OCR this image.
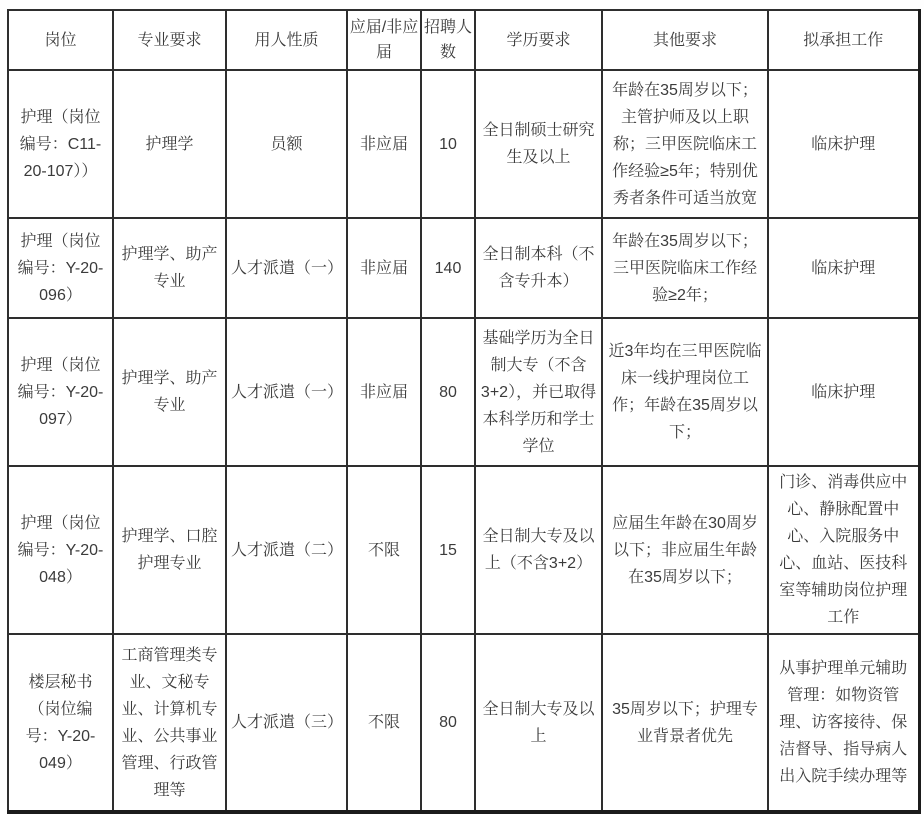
岗位	专业要求	用人性质	应届/非应届	招聘人数	学历要求	其他要求	拟承担工作
护理（岗位编号：C11-20-107））	护理学	员额	非应届	10	全日制硕士研究生及以上	年龄在35周岁以下；主管护师及以上职称；三甲医院临床工作经验≥5年；特别优秀者条件可适当放宽	临床护理
护理（岗位编号：Y-20-096）	护理学、助产专业	人才派遣（一）	非应届	140	全日制本科（不含专升本）	年龄在35周岁以下；三甲医院临床工作经验≥2年；	临床护理
护理（岗位编号：Y-20-097）	护理学、助产专业	人才派遣（一）	非应届	80	基础学历为全日制大专（不含3+2），并已取得本科学历和学士学位	近3年均在三甲医院临床一线护理岗位工作；年龄在35周岁以下；	临床护理
护理（岗位编号：Y-20-048）	护理学、口腔护理专业	人才派遣（二）	不限	15	全日制大专及以上（不含3+2）	应届生年龄在30周岁以下；非应届生年龄在35周岁以下；	门诊、消毒供应中心、静脉配置中心、入院服务中心、血站、医技科室等辅助岗位护理工作
楼层秘书（岗位编号：Y-20-049）	工商管理类专业、文秘专业、计算机专业、公共事业管理、行政管理等	人才派遣（三）	不限	80	全日制大专及以上	35周岁以下；护理专业背景者优先	从事护理单元辅助管理：如物资管理、访客接待、保洁督导、指导病人出入院手续办理等
